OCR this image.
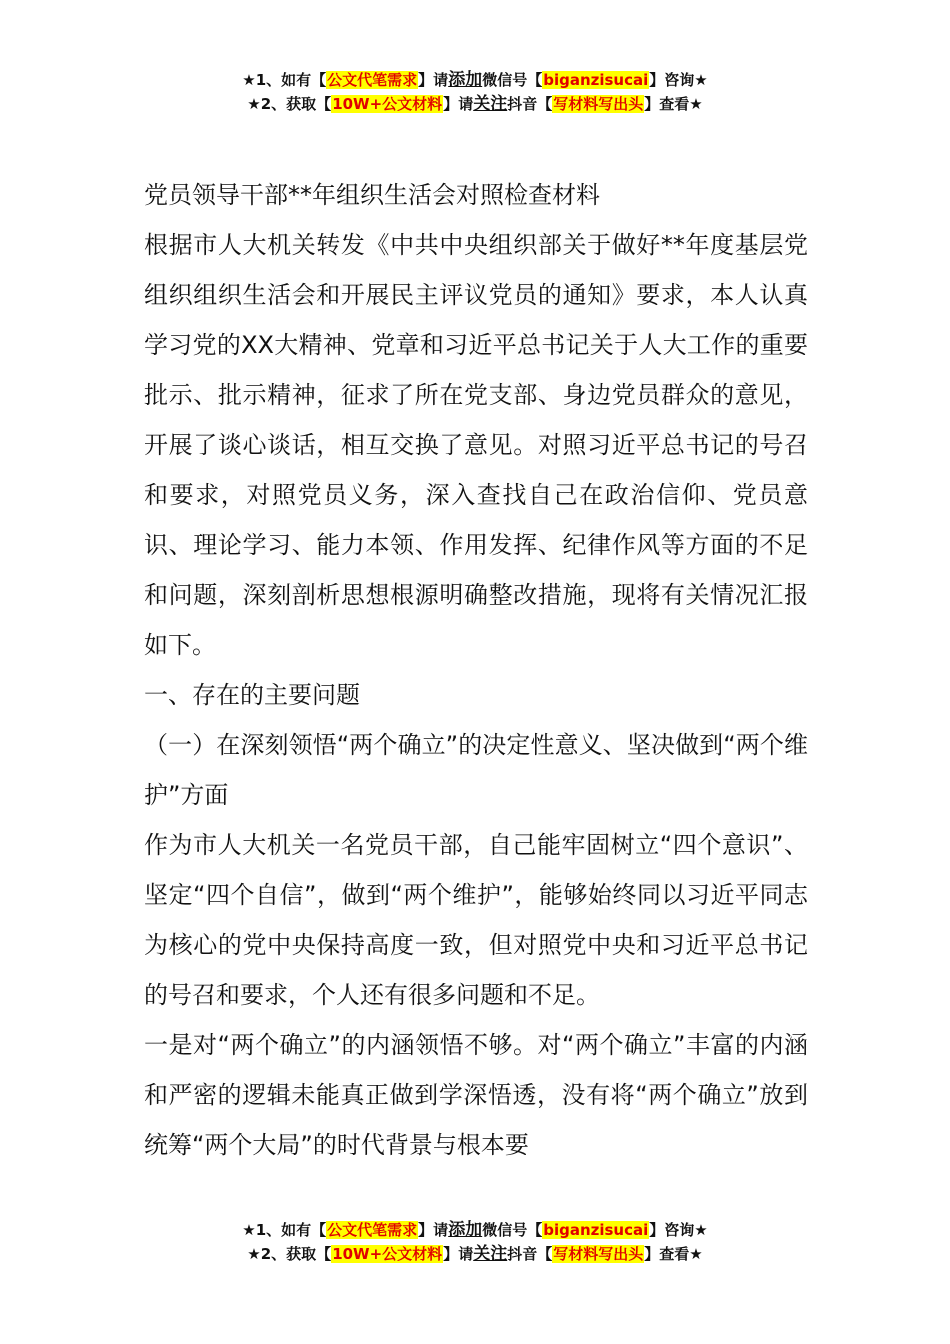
★1、如有【公文代笔需求】请添加微信号【biganzisucai】咨询★
★2、获取【10W+公文材料】请关注抖音【写材料写出头】查看★

党员领导干部**年组织生活会对照检查材料

根据市人大机关转发《中共中央组织部关于做好**年度基层党组织组织生活会和开展民主评议党员的通知》要求，本人认真学习党的XX大精神、党章和习近平总书记关于人大工作的重要批示、批示精神，征求了所在党支部、身边党员群众的意见，开展了谈心谈话，相互交换了意见。对照习近平总书记的号召和要求，对照党员义务，深入查找自己在政治信仰、党员意识、理论学习、能力本领、作用发挥、纪律作风等方面的不足和问题，深刻剖析思想根源明确整改措施，现将有关情况汇报如下。

一、存在的主要问题

（一）在深刻领悟“两个确立”的决定性意义、坚决做到“两个维护”方面

作为市人大机关一名党员干部，自己能牢固树立“四个意识”、坚定“四个自信”，做到“两个维护”，能够始终同以习近平同志为核心的党中央保持高度一致，但对照党中央和习近平总书记的号召和要求，个人还有很多问题和不足。

一是对“两个确立”的内涵领悟不够。对“两个确立”丰富的内涵和严密的逻辑未能真正做到学深悟透，没有将“两个确立”放到统筹“两个大局”的时代背景与根本要

★1、如有【公文代笔需求】请添加微信号【biganzisucai】咨询★
★2、获取【10W+公文材料】请关注抖音【写材料写出头】查看★
